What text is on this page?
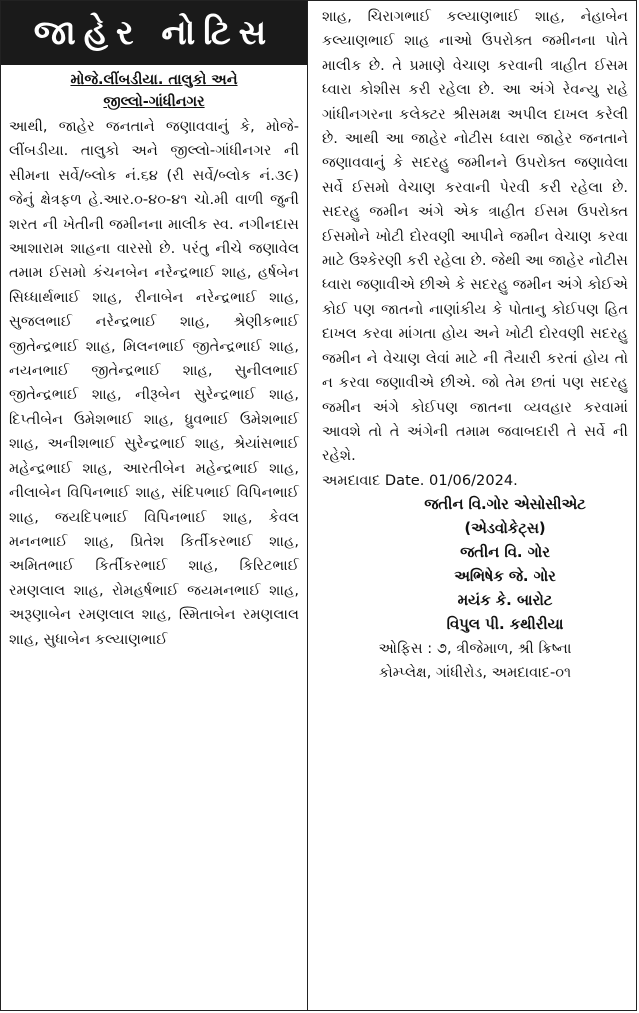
જાહેર નોટિસ
મોજે.લીંબડીયા. તાલુકો અને
જીલ્લો-ગાંધીનગર
આથી, જાહેર જનતાને જણાવવાનું કે, મોજે-લીંબડીયા. તાલુકો અને જીલ્લો-ગાંધીનગર ની સીમના સર્વે/બ્લોક નં.૬૪ (રી સર્વે/બ્લોક નં.૩૯) જેનું ક્ષેત્રફળ હે.આર.૦-૪૦-૪૧ ચો.મી વાળી જુની શરત ની ખેતીની જમીનના માલીક સ્વ. નગીનદાસ આશારામ શાહના વારસો છે. પરંતુ નીચે જણાવેલ તમામ ઈસમો કંચનબેન નરેન્દ્રભાઈ શાહ, હર્ષબેન સિધ્ધાર્થભાઈ શાહ, રીનાબેન નરેન્દ્રભાઈ શાહ, સુજલભાઈ નરેન્દ્રભાઈ શાહ, શ્રેણીકભાઈ જીતેન્દ્રભાઈ શાહ, મિલનભાઈ જીતેન્દ્રભાઈ શાહ, નયનભાઈ જીતેન્દ્રભાઈ શાહ, સુનીલભાઈ જીતેન્દ્રભાઈ શાહ, નીરૂબેન સુરેન્દ્રભાઈ શાહ, દિપ્તીબેન ઉમેશભાઈ શાહ, ધ્રુવભાઈ ઉમેશભાઈ શાહ, અનીશભાઈ સુરેન્દ્રભાઈ શાહ, શ્રેયાંસભાઈ મહેન્દ્રભાઈ શાહ, આરતીબેન મહેન્દ્રભાઈ શાહ, નીલાબેન વિપિનભાઈ શાહ, સંદિપભાઈ વિપિનભાઈ શાહ, જયદિપભાઈ વિપિનભાઈ શાહ, કેવલ મનનભાઈ શાહ, પ્રિતેશ કિર્તીકરભાઈ શાહ, અમિતભાઈ કિર્તીકરભાઈ શાહ, કિરિટભાઈ રમણલાલ શાહ, રોમહર્ષભાઈ જયમનભાઈ શાહ, અરૂણાબેન રમણલાલ શાહ, સ્મિતાબેન રમણલાલ શાહ, સુધાબેન કલ્યાણભાઈ
શાહ, ચિરાગભાઈ કલ્યાણભાઈ શાહ, નેહાબેન કલ્યાણભાઈ શાહ નાઓ ઉપરોક્ત જમીનના પોતે માલીક છે. તે પ્રમાણે વેચાણ કરવાની ત્રાહીત ઈસમ ધ્વારા કોશીસ કરી રહેલા છે. આ અંગે રેવન્યુ રાહે ગાંધીનગરના કલેક્ટર શ્રીસમક્ષ અપીલ દાખલ કરેલી છે. આથી આ જાહેર નોટીસ ધ્વારા જાહેર જનતાને જણાવવાનું કે સદરહુ જમીનને ઉપરોક્ત જણાવેલા સર્વે ઈસમો વેચાણ કરવાની પેરવી કરી રહેલા છે. સદરહુ જમીન અંગે એક ત્રાહીત ઈસમ ઉપરોક્ત ઈસમોને ખોટી દોરવણી આપીને જમીન વેચાણ કરવા માટે ઉશ્કેરણી કરી રહેલા છે. જેથી આ જાહેર નોટીસ ધ્વારા જણાવીએ છીએ કે સદરહુ જમીન અંગે કોઈએ કોઈ પણ જાતનો નાણાંકીય કે પોતાનુ કોઈપણ હિત દાખલ કરવા માંગતા હોય અને ખોટી દોરવણી સદરહુ જમીન ને વેચાણ લેવાં માટે ની તૈયારી કરતાં હોય તો ન કરવા જણાવીએ છીએ. જો તેમ છતાં પણ સદરહુ જમીન અંગે કોઈપણ જાતના વ્યવહાર કરવામાં આવશે તો તે અંગેની તમામ જવાબદારી તે સર્વે ની રહેશે.
અમદાવાદ Date. 01/06/2024.
જતીન વિ.ગોર એસોસીએટ
(એડવોકેટ્સ)
જતીન વિ. ગોર
અભિષેક જે. ગોર
મયંક કે. બારોટ
વિપુલ પી. કથીરીયા
ઓફિસ : ૭, ત્રીજેમાળ, શ્રી ક્રિષ્ના
કોમ્પ્લેક્ષ, ગાંધીરોડ, અમદાવાદ-૦૧
